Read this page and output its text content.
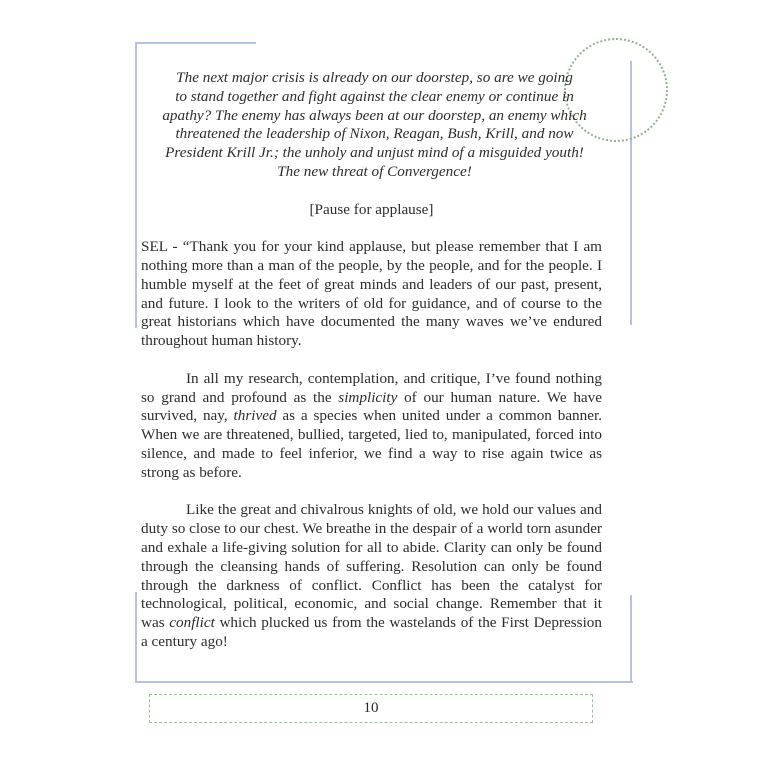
The next major crisis is already on our doorstep, so are we going
to stand together and fight against the clear enemy or continue in
apathy? The enemy has always been at our doorstep, an enemy which
threatened the leadership of Nixon, Reagan, Bush, Krill, and now
President Krill Jr.; the unholy and unjust mind of a misguided youth!
The new threat of Convergence!
[Pause for applause]

SEL - “Thank you for your kind applause, but please remember that I am nothing more than a man of the people, by the people, and for the people. I humble myself at the feet of great minds and leaders of our past, present, and future. I look to the writers of old for guidance, and of course to the great historians which have documented the many waves we’ve endured throughout human history.

In all my research, contemplation, and critique, I’ve found nothing so grand and profound as the simplicity of our human nature. We have survived, nay, thrived as a species when united under a common banner. When we are threatened, bullied, targeted, lied to, manipulated, forced into silence, and made to feel inferior, we find a way to rise again twice as strong as before.

Like the great and chivalrous knights of old, we hold our values and duty so close to our chest. We breathe in the despair of a world torn asunder and exhale a life-giving solution for all to abide. Clarity can only be found through the cleansing hands of suffering. Resolution can only be found through the darkness of conflict. Conflict has been the catalyst for technological, political, economic, and social change. Remember that it was conflict which plucked us from the wastelands of the First Depression a century ago!

10
